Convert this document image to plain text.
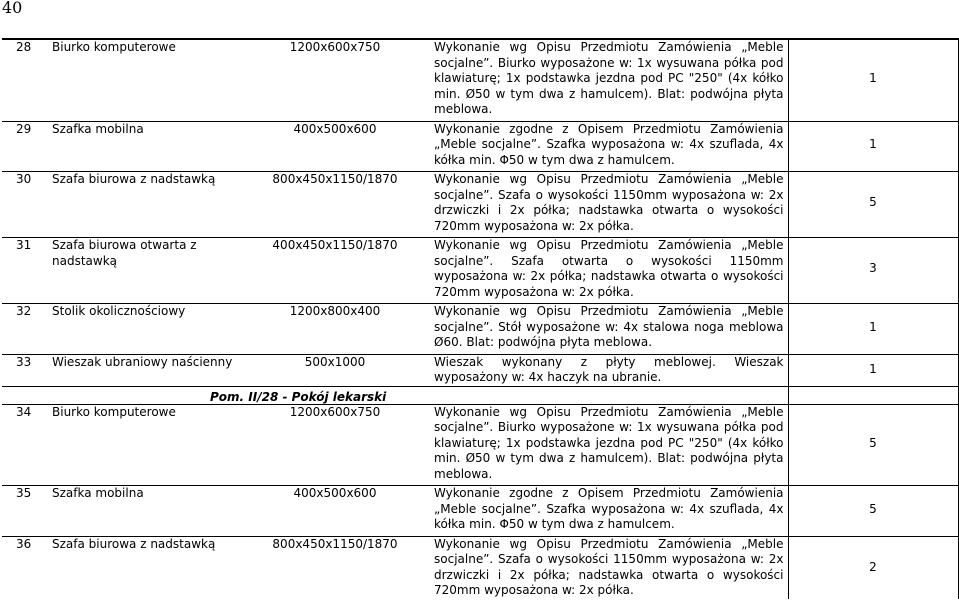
40
28	Biurko komputerowe	1200x600x750	Wykonanie wg Opisu Przedmiotu Zamówienia „Meble socjalne”. Biurko wyposażone w: 1x wysuwana półka pod klawiaturę; 1x podstawka jezdna pod PC "250" (4x kółko min. Ø50 w tym dwa z hamulcem). Blat: podwójna płyta meblowa.	1

29	Szafka mobilna	400x500x600	Wykonanie zgodne z Opisem Przedmiotu Zamówienia „Meble socjalne”. Szafka wyposażona w: 4x szuflada, 4x kółka min. Φ50 w tym dwa z hamulcem.	1

30	Szafa biurowa z nadstawką	800x450x1150/1870	Wykonanie wg Opisu Przedmiotu Zamówienia „Meble socjalne”. Szafa o wysokości 1150mm wyposażona w: 2x drzwiczki i 2x półka; nadstawka otwarta o wysokości 720mm wyposażona w: 2x półka.	5

31	Szafa biurowa otwarta z nadstawką	400x450x1150/1870	Wykonanie wg Opisu Przedmiotu Zamówienia „Meble socjalne”. Szafa otwarta o wysokości 1150mm wyposażona w: 2x półka; nadstawka otwarta o wysokości 720mm wyposażona w: 2x półka.	3

32	Stolik okolicznościowy	1200x800x400	Wykonanie wg Opisu Przedmiotu Zamówienia „Meble socjalne”. Stół wyposażone w: 4x stalowa noga meblowa Ø60. Blat: podwójna płyta meblowa.	1

33	Wieszak ubraniowy naścienny	500x1000	Wieszak wykonany z płyty meblowej. Wieszak wyposażony w: 4x haczyk na ubranie.	1

Pom. II/28 - Pokój lekarski				

34	Biurko komputerowe	1200x600x750	Wykonanie wg Opisu Przedmiotu Zamówienia „Meble socjalne”. Biurko wyposażone w: 1x wysuwana półka pod klawiaturę; 1x podstawka jezdna pod PC "250" (4x kółko min. Ø50 w tym dwa z hamulcem). Blat: podwójna płyta meblowa.	5

35	Szafka mobilna	400x500x600	Wykonanie zgodne z Opisem Przedmiotu Zamówienia „Meble socjalne”. Szafka wyposażona w: 4x szuflada, 4x kółka min. Φ50 w tym dwa z hamulcem.	5

36	Szafa biurowa z nadstawką	800x450x1150/1870	Wykonanie wg Opisu Przedmiotu Zamówienia „Meble socjalne”. Szafa o wysokości 1150mm wyposażona w: 2x drzwiczki i 2x półka; nadstawka otwarta o wysokości 720mm wyposażona w: 2x półka.	2
